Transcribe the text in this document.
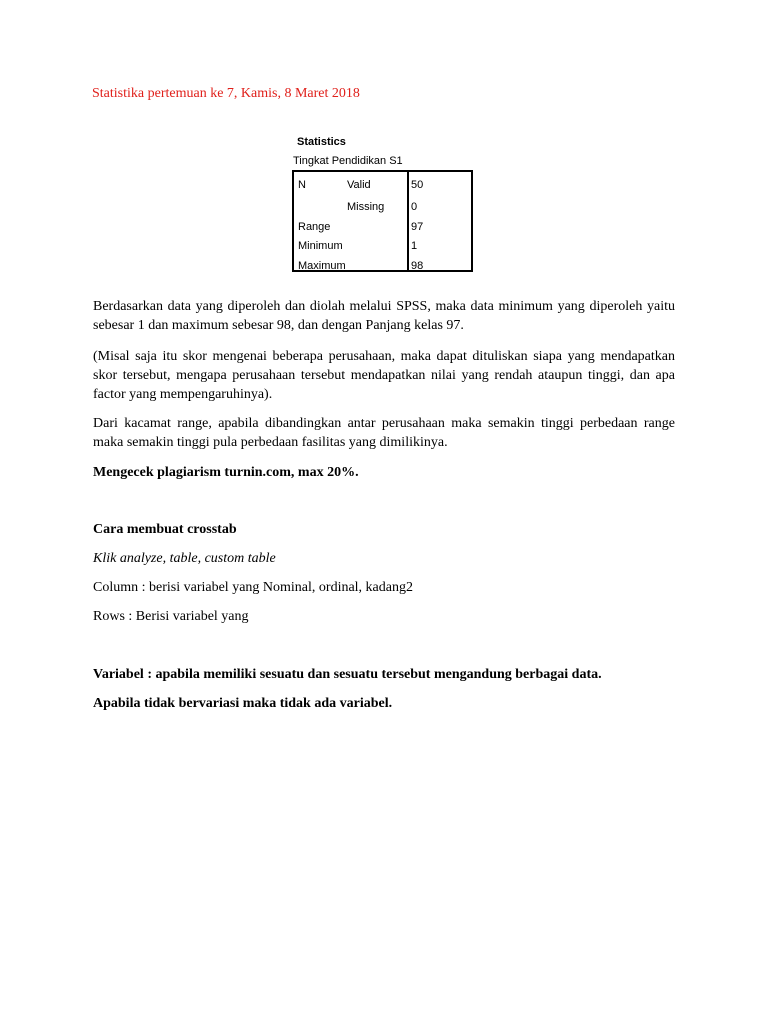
Statistika pertemuan ke 7, Kamis, 8 Maret 2018
Statistics
Tingkat Pendidikan S1
N	Valid	50
Missing 0
Range	97
Minimum	1
Maximum	98
Berdasarkan data yang diperoleh dan diolah melalui SPSS, maka data minimum yang diperoleh yaitu sebesar 1 dan maximum sebesar 98, dan dengan Panjang kelas 97.
(Misal saja itu skor mengenai beberapa perusahaan, maka dapat dituliskan siapa yang mendapatkan skor tersebut, mengapa perusahaan tersebut mendapatkan nilai yang rendah ataupun tinggi, dan apa factor yang mempengaruhinya).
Dari kacamat range, apabila dibandingkan antar perusahaan maka semakin tinggi perbedaan range maka semakin tinggi pula perbedaan fasilitas yang dimilikinya.
Mengecek plagiarism turnin.com, max 20%.
Cara membuat crosstab
Klik analyze, table, custom table
Column : berisi variabel yang Nominal, ordinal, kadang2
Rows : Berisi variabel yang
Variabel : apabila memiliki sesuatu dan sesuatu tersebut mengandung berbagai data.
Apabila tidak bervariasi maka tidak ada variabel.
